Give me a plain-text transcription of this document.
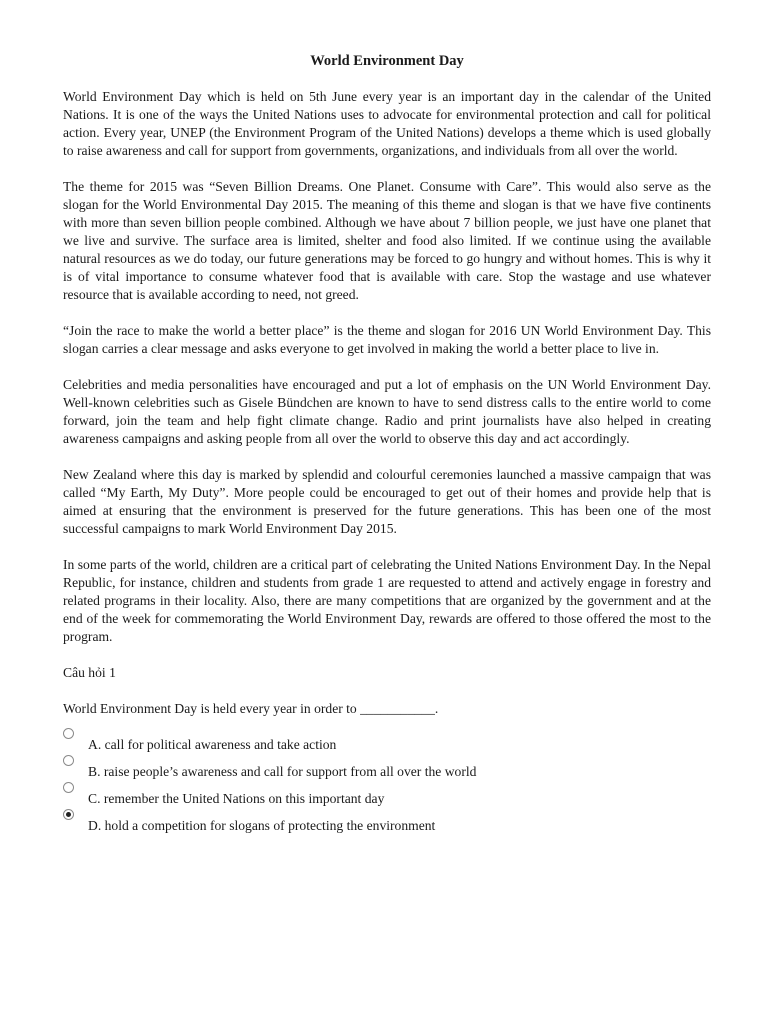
World Environment Day

World Environment Day which is held on 5th June every year is an important day in the calendar of the United Nations. It is one of the ways the United Nations uses to advocate for environmental protection and call for political action. Every year, UNEP (the Environment Program of the United Nations) develops a theme which is used globally to raise awareness and call for support from governments, organizations, and individuals from all over the world.

The theme for 2015 was “Seven Billion Dreams. One Planet. Consume with Care”. This would also serve as the slogan for the World Environmental Day 2015. The meaning of this theme and slogan is that we have five continents with more than seven billion people combined. Although we have about 7 billion people, we just have one planet that we live and survive. The surface area is limited, shelter and food also limited. If we continue using the available natural resources as we do today, our future generations may be forced to go hungry and without homes. This is why it is of vital importance to consume whatever food that is available with care. Stop the wastage and use whatever resource that is available according to need, not greed.

“Join the race to make the world a better place” is the theme and slogan for 2016 UN World Environment Day. This slogan carries a clear message and asks everyone to get involved in making the world a better place to live in.

Celebrities and media personalities have encouraged and put a lot of emphasis on the UN World Environment Day. Well-known celebrities such as Gisele Bündchen are known to have to send distress calls to the entire world to come forward, join the team and help fight climate change. Radio and print journalists have also helped in creating awareness campaigns and asking people from all over the world to observe this day and act accordingly.

New Zealand where this day is marked by splendid and colourful ceremonies launched a massive campaign that was called “My Earth, My Duty”. More people could be encouraged to get out of their homes and provide help that is aimed at ensuring that the environment is preserved for the future generations. This has been one of the most successful campaigns to mark World Environment Day 2015.

In some parts of the world, children are a critical part of celebrating the United Nations Environment Day. In the Nepal Republic, for instance, children and students from grade 1 are requested to attend and actively engage in forestry and related programs in their locality. Also, there are many competitions that are organized by the government and at the end of the week for commemorating the World Environment Day, rewards are offered to those offered the most to the program.

Câu hỏi 1
World Environment Day is held every year in order to ___________.
A. call for political awareness and take action
B. raise people’s awareness and call for support from all over the world
C. remember the United Nations on this important day
D. hold a competition for slogans of protecting the environment
